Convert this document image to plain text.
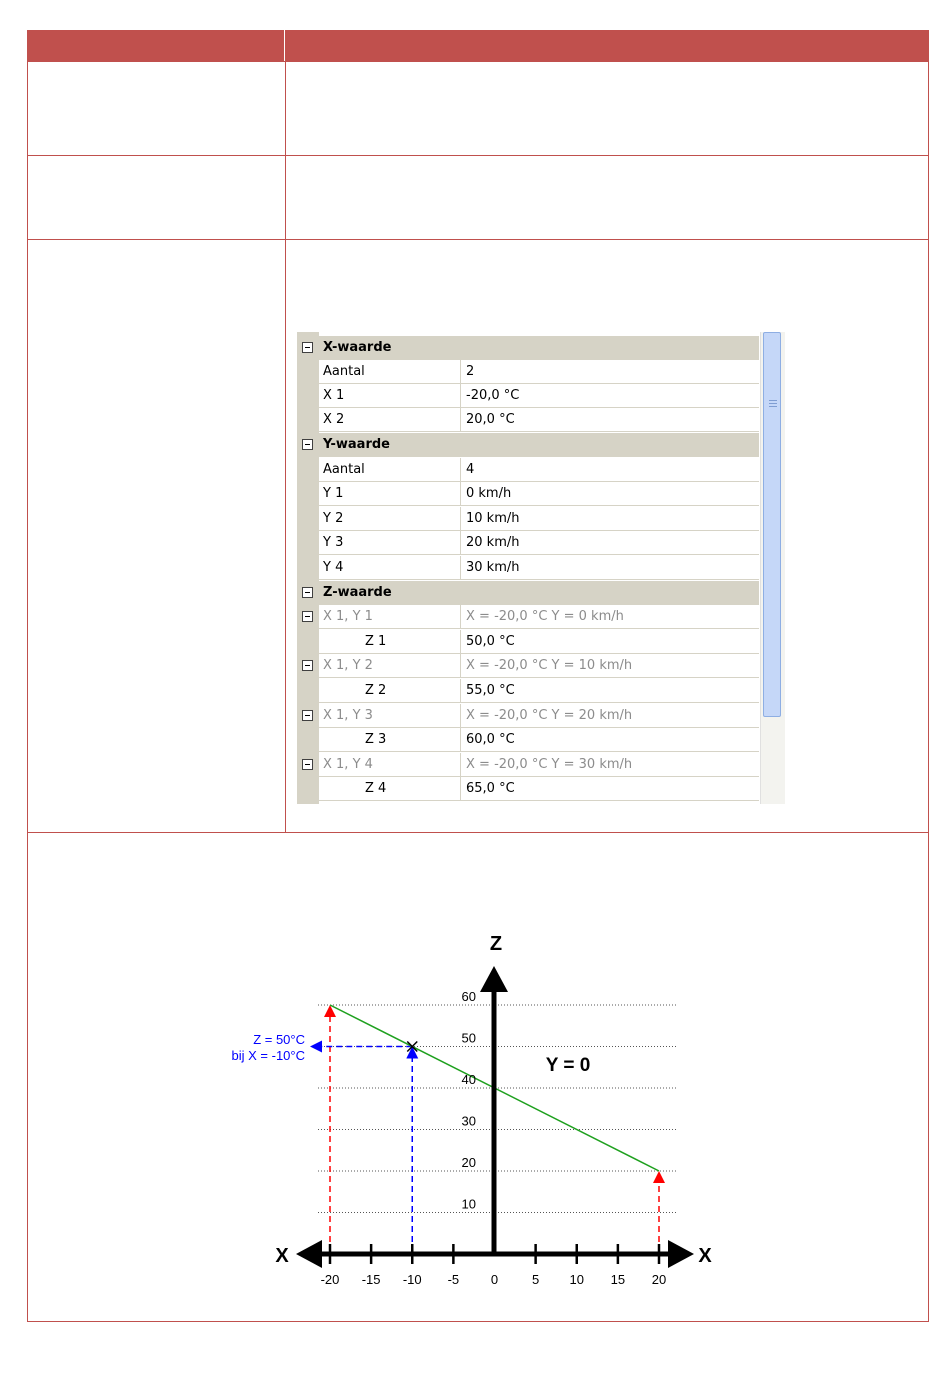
X-waarde
Aantal	2
X 1	-20,0 °C
X 2	20,0 °C
Y-waarde
Aantal	4
Y 1	0 km/h
Y 2	10 km/h
Y 3	20 km/h
Y 4	30 km/h
Z-waarde
X 1, Y 1	X = -20,0 °C Y = 0 km/h
Z 1	50,0 °C
X 1, Y 2	X = -20,0 °C Y = 10 km/h
Z 2	55,0 °C
X 1, Y 3	X = -20,0 °C Y = 20 km/h
Z 3	60,0 °C
X 1, Y 4	X = -20,0 °C Y = 30 km/h
Z 4	65,0 °C
10
20
30
40
50
60
-20 -15 -10 -5 0	5 10 15 20
X	X
Z
Y = 0
Z = 50°C
bij X = -10°C
